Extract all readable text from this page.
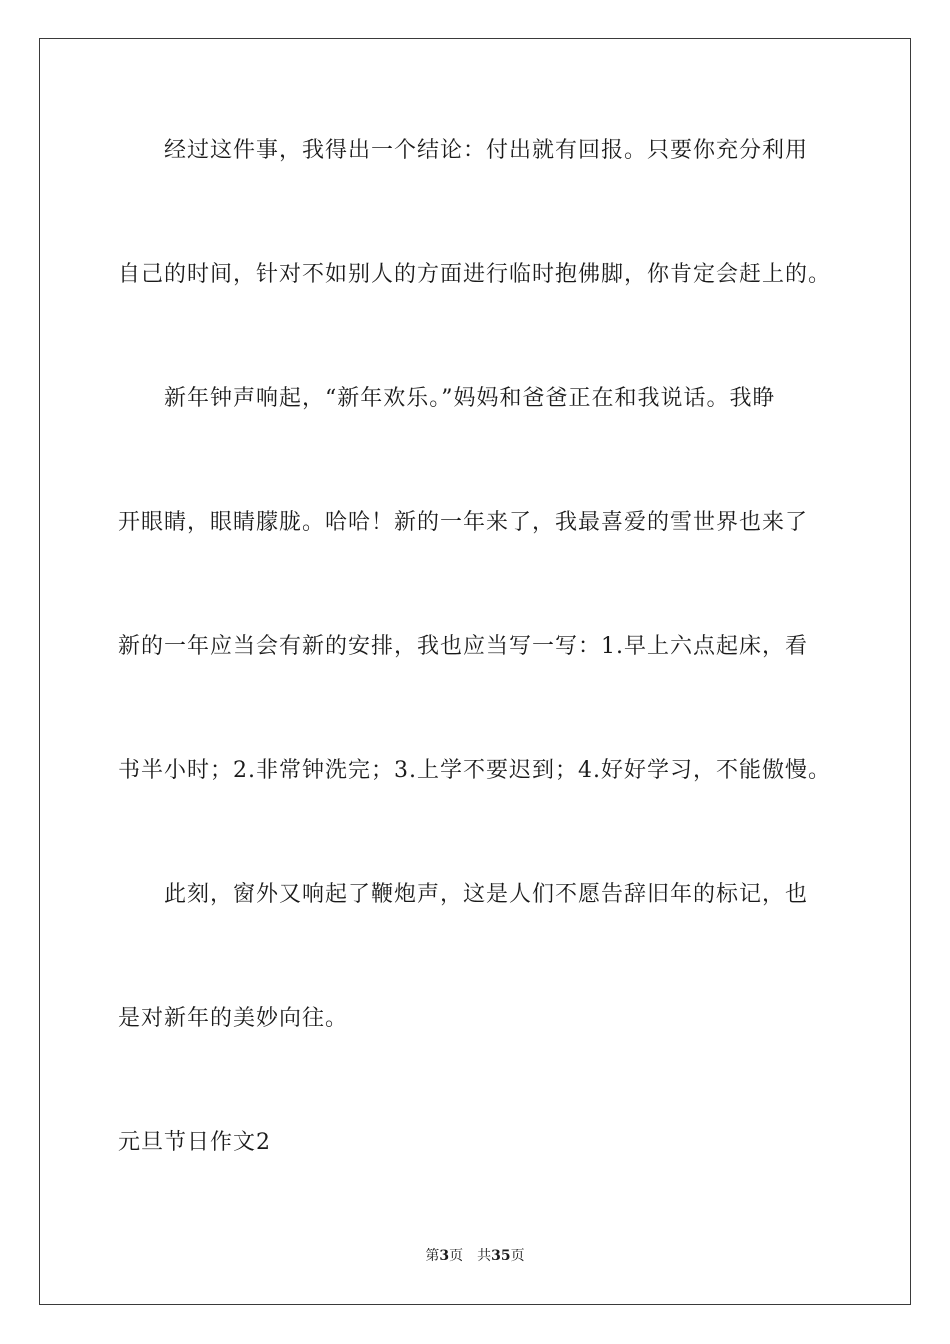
经过这件事，我得出一个结论：付出就有回报。只要你充分利用
自己的时间，针对不如别人的方面进行临时抱佛脚，你肯定会赶上的。
新年钟声响起，“新年欢乐。”妈妈和爸爸正在和我说话。我睁
开眼睛，眼睛朦胧。哈哈！新的一年来了，我最喜爱的雪世界也来了
新的一年应当会有新的安排，我也应当写一写：1.早上六点起床，看
书半小时；2.非常钟洗完；3.上学不要迟到；4.好好学习，不能傲慢。
此刻，窗外又响起了鞭炮声，这是人们不愿告辞旧年的标记，也
是对新年的美妙向往。
元旦节日作文2
第3页　共35页
